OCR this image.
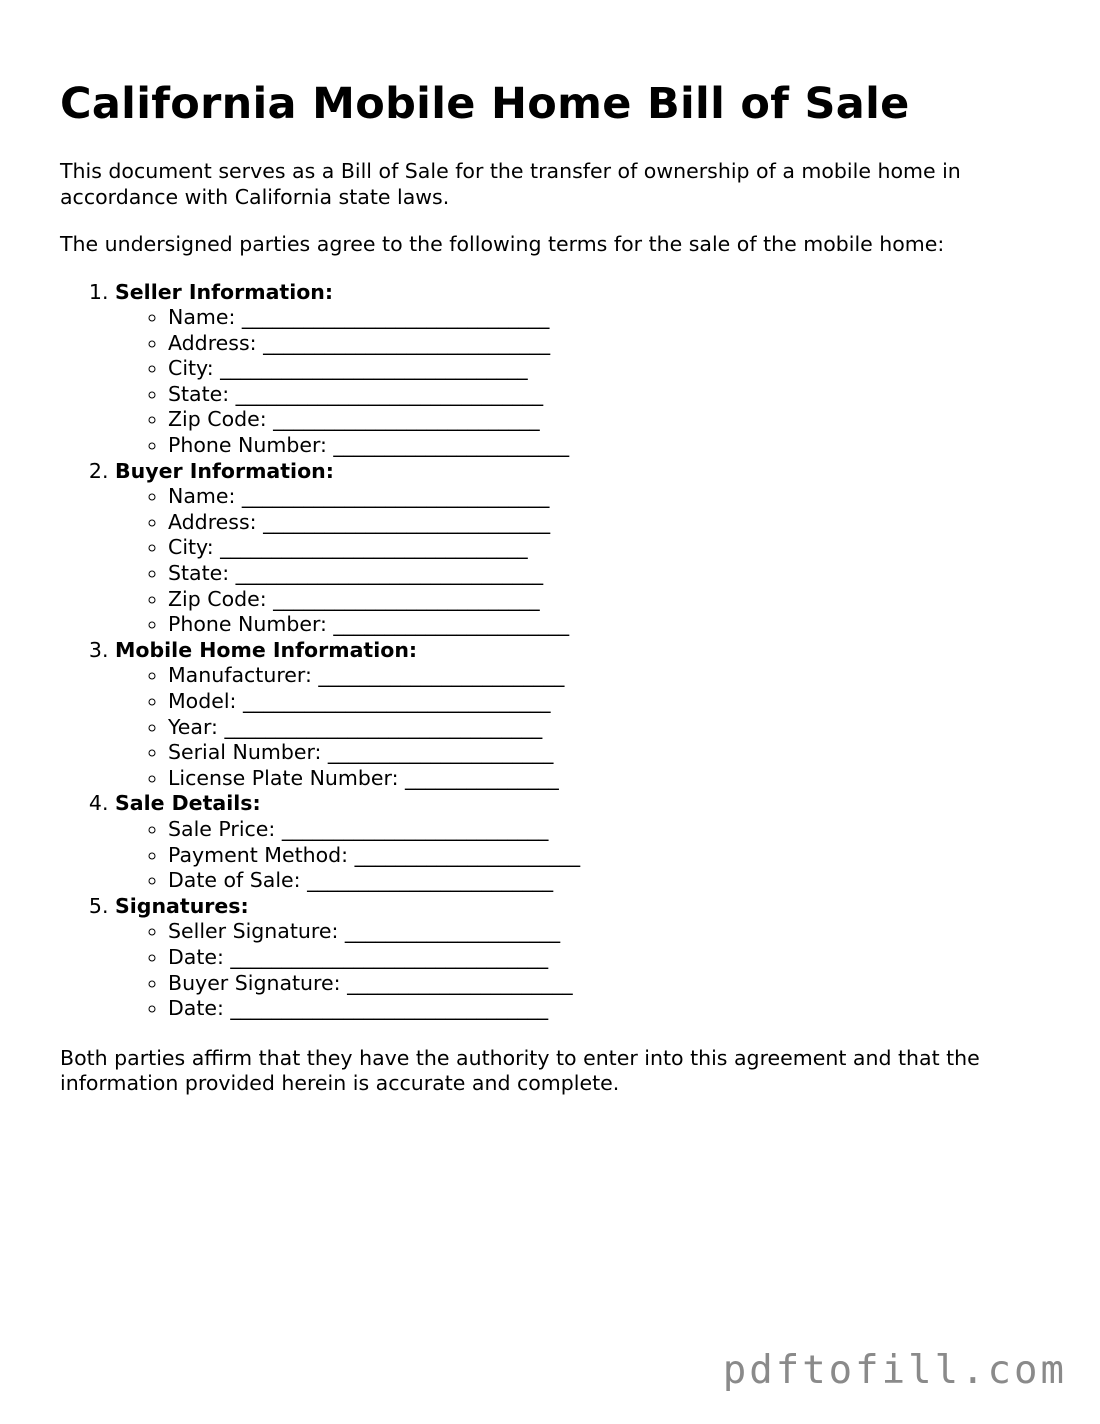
California Mobile Home Bill of Sale

This document serves as a Bill of Sale for the transfer of ownership of a mobile home in accordance with California state laws.

The undersigned parties agree to the following terms for the sale of the mobile home:

1. Seller Information:
◦ Name: ______________________________
◦ Address: ____________________________
◦ City: ______________________________
◦ State: ______________________________
◦ Zip Code: __________________________
◦ Phone Number: _______________________
2. Buyer Information:
◦ Name: ______________________________
◦ Address: ____________________________
◦ City: ______________________________
◦ State: ______________________________
◦ Zip Code: __________________________
◦ Phone Number: _______________________
3. Mobile Home Information:
◦ Manufacturer: ________________________
◦ Model: ______________________________
◦ Year: _______________________________
◦ Serial Number: ______________________
◦ License Plate Number: _______________
4. Sale Details:
◦ Sale Price: __________________________
◦ Payment Method: ______________________
◦ Date of Sale: ________________________
5. Signatures:
◦ Seller Signature: _____________________
◦ Date: _______________________________
◦ Buyer Signature: ______________________
◦ Date: _______________________________

Both parties affirm that they have the authority to enter into this agreement and that the information provided herein is accurate and complete.

pdftofill.com
